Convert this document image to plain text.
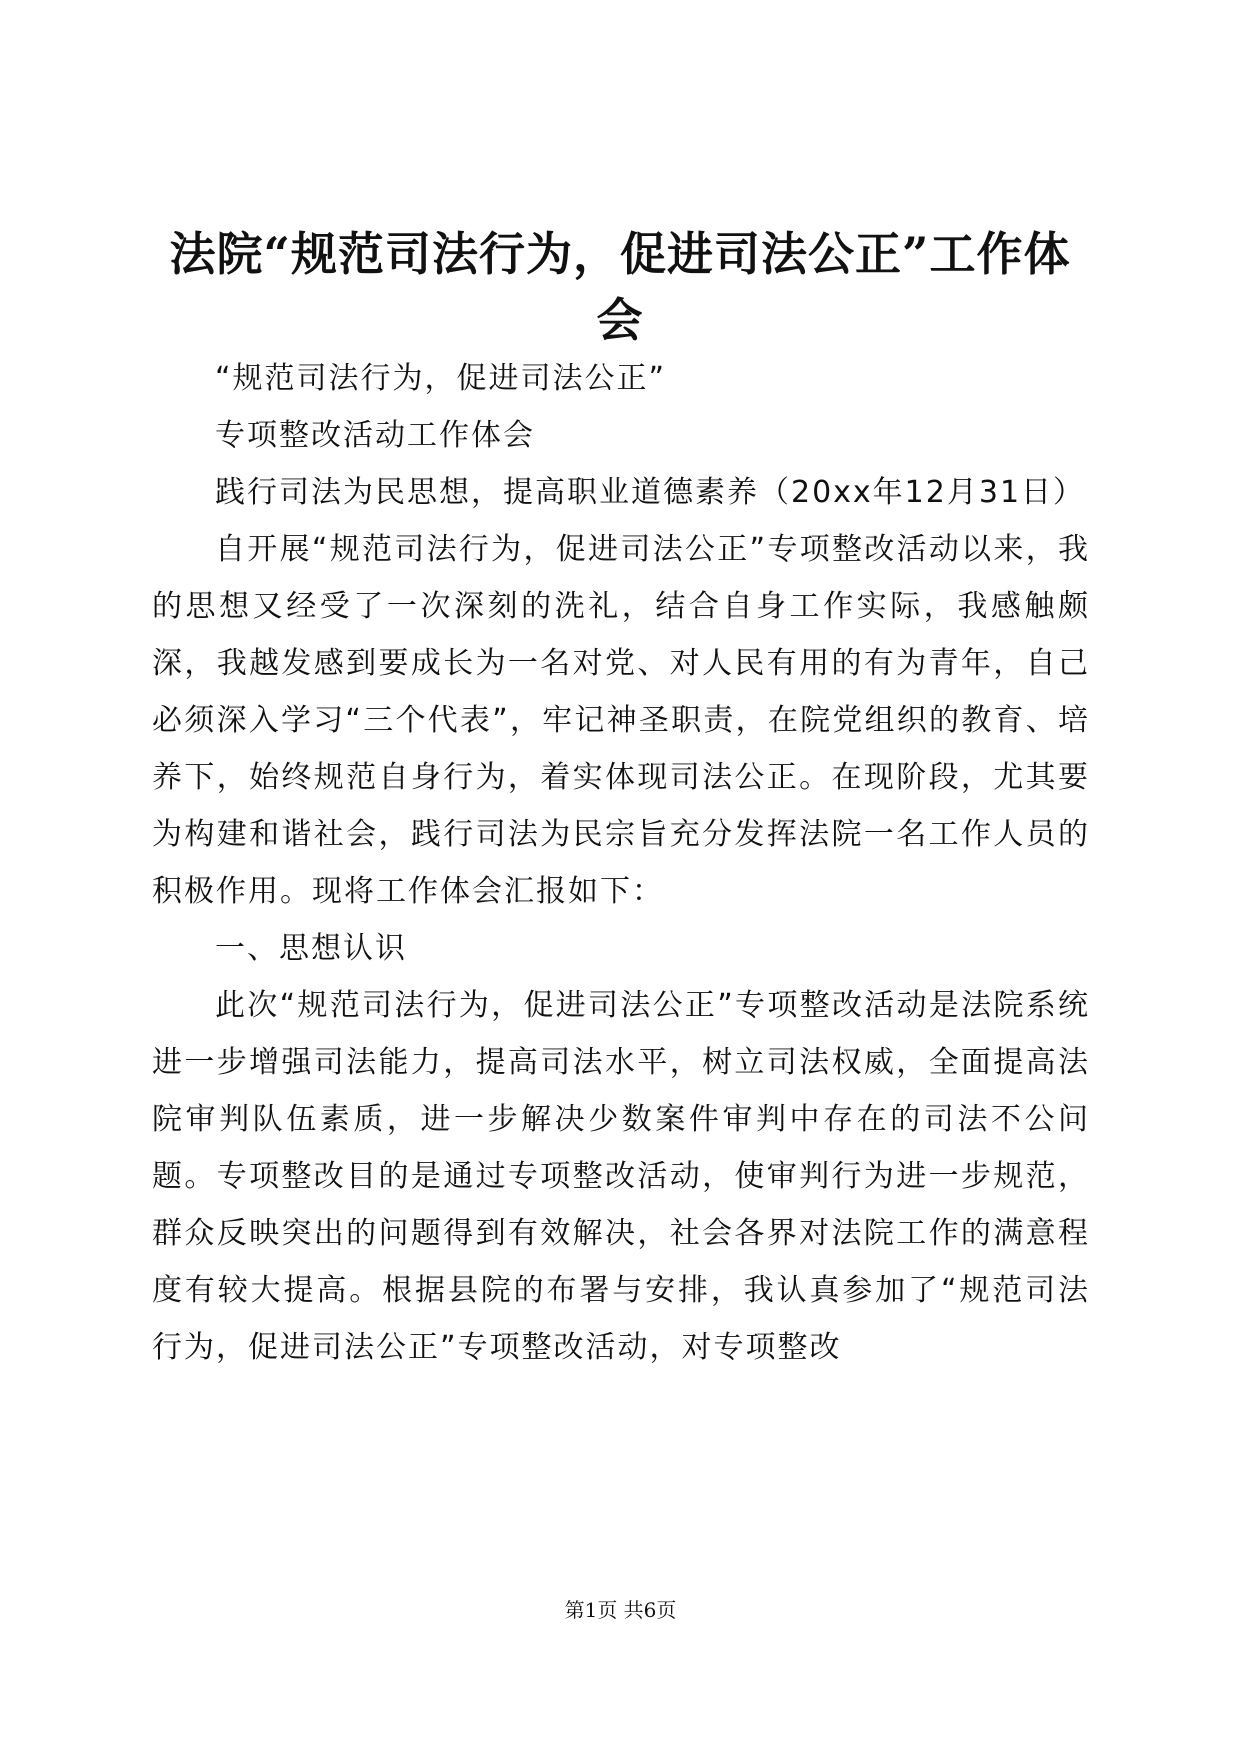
法院“规范司法行为，促进司法公正”工作体会

“规范司法行为，促进司法公正”

专项整改活动工作体会

践行司法为民思想，提高职业道德素养（20xx年12月31日）

自开展“规范司法行为，促进司法公正”专项整改活动以来，我的思想又经受了一次深刻的洗礼，结合自身工作实际，我感触颇深，我越发感到要成长为一名对党、对人民有用的有为青年，自己必须深入学习“三个代表”，牢记神圣职责，在院党组织的教育、培养下，始终规范自身行为，着实体现司法公正。在现阶段，尤其要为构建和谐社会，践行司法为民宗旨充分发挥法院一名工作人员的积极作用。现将工作体会汇报如下：

一、思想认识

此次“规范司法行为，促进司法公正”专项整改活动是法院系统进一步增强司法能力，提高司法水平，树立司法权威，全面提高法院审判队伍素质，进一步解决少数案件审判中存在的司法不公问题。专项整改目的是通过专项整改活动，使审判行为进一步规范，群众反映突出的问题得到有效解决，社会各界对法院工作的满意程度有较大提高。根据县院的布署与安排，我认真参加了“规范司法行为，促进司法公正”专项整改活动，对专项整改

第1页 共6页
